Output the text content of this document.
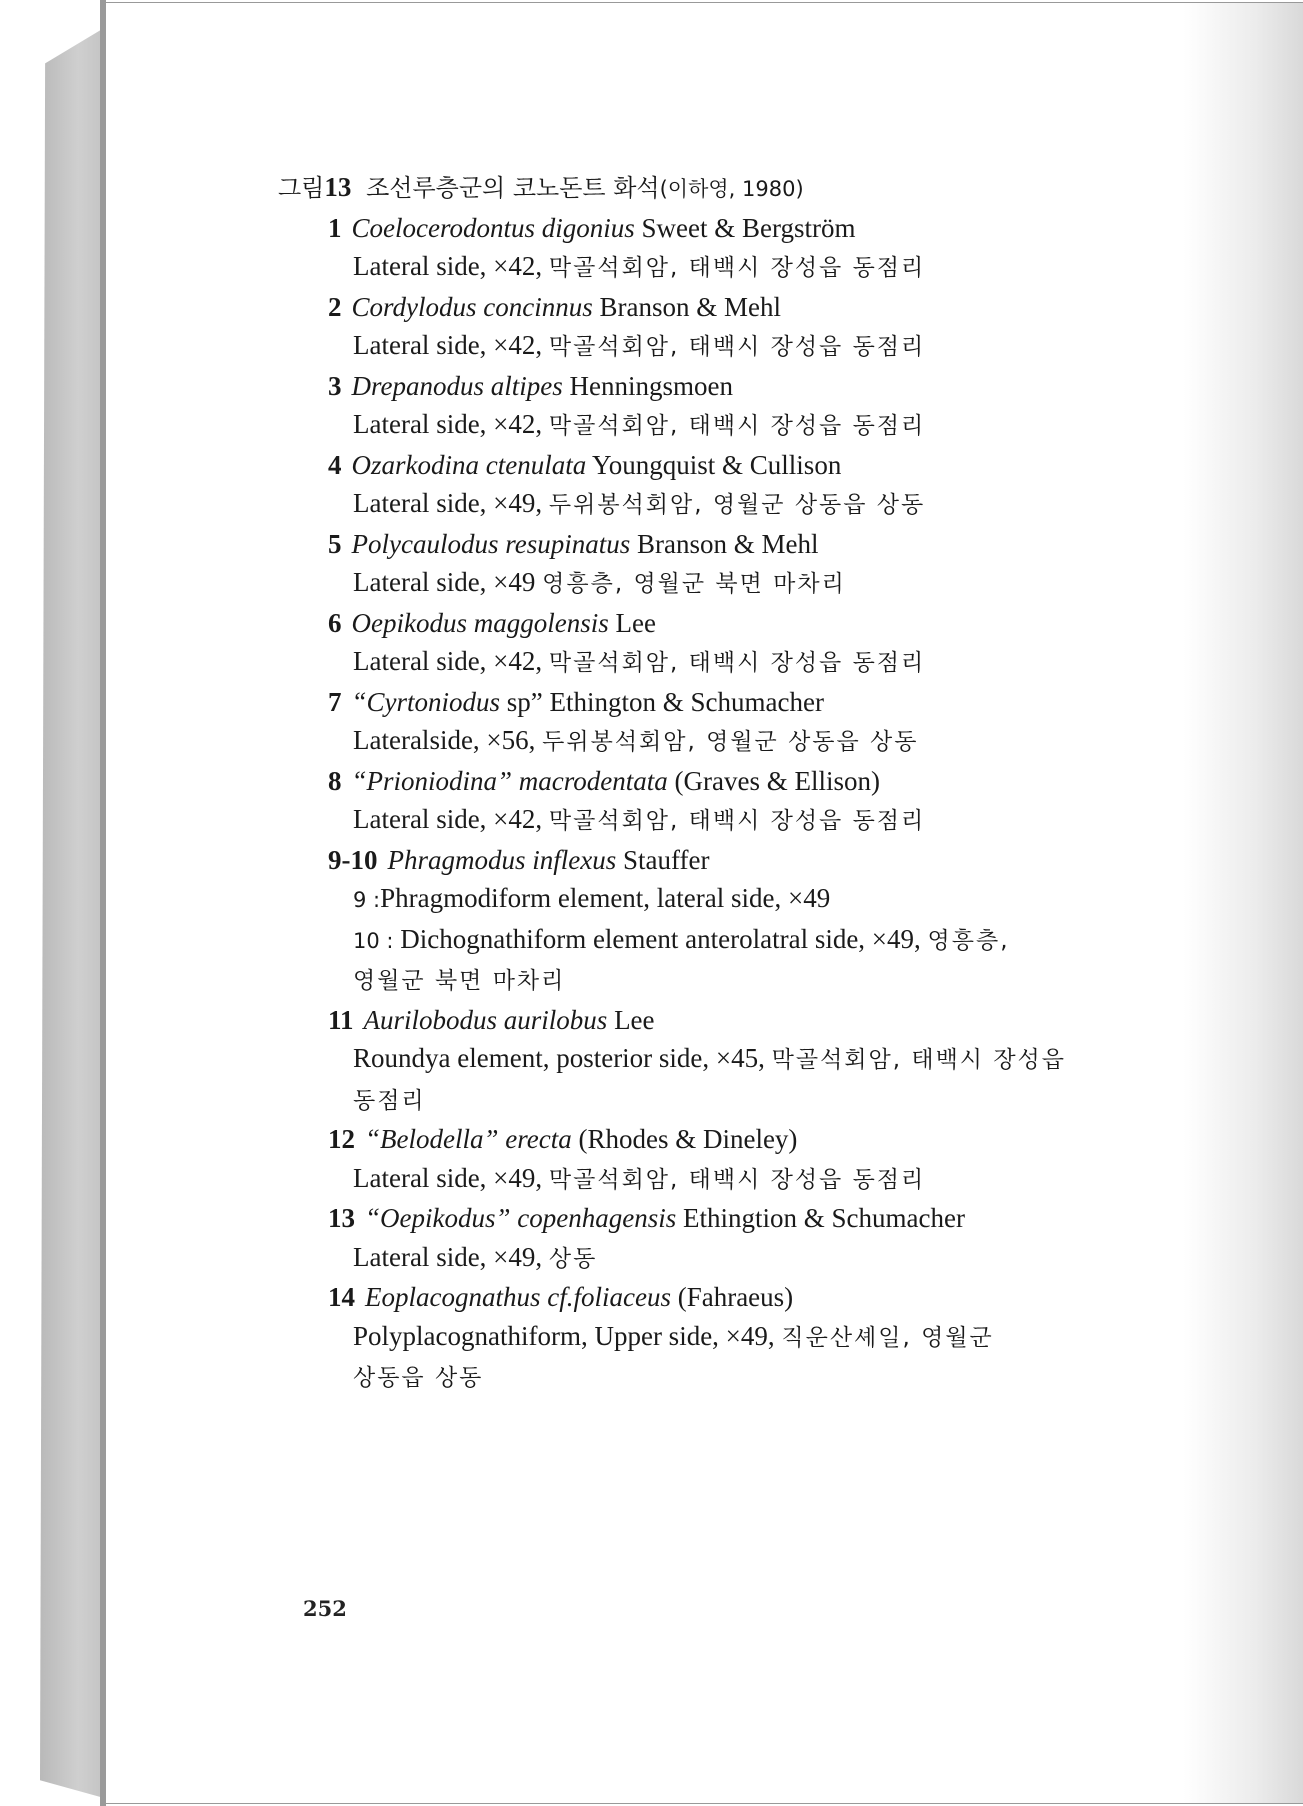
그림13 조선루층군의 코노돈트 화석(이하영, 1980)
1 Coelocerodontus digonius Sweet & Bergström
Lateral side, ×42, 막골석회암, 태백시 장성읍 동점리
2 Cordylodus concinnus Branson & Mehl
Lateral side, ×42, 막골석회암, 태백시 장성읍 동점리
3 Drepanodus altipes Henningsmoen
Lateral side, ×42, 막골석회암, 태백시 장성읍 동점리
4 Ozarkodina ctenulata Youngquist & Cullison
Lateral side, ×49, 두위봉석회암, 영월군 상동읍 상동
5 Polycaulodus resupinatus Branson & Mehl
Lateral side, ×49 영흥층, 영월군 북면 마차리
6 Oepikodus maggolensis Lee
Lateral side, ×42, 막골석회암, 태백시 장성읍 동점리
7 “Cyrtoniodus sp” Ethington & Schumacher
Lateralside, ×56, 두위봉석회암, 영월군 상동읍 상동
8 “Prioniodina” macrodentata (Graves & Ellison)
Lateral side, ×42, 막골석회암, 태백시 장성읍 동점리
9-10 Phragmodus inflexus Stauffer
9 :Phragmodiform element, lateral side, ×49
10 : Dichognathiform element anterolatral side, ×49, 영흥층,
영월군 북면 마차리
11 Aurilobodus aurilobus Lee
Roundya element, posterior side, ×45, 막골석회암, 태백시 장성읍
동점리
12 “Belodella” erecta (Rhodes & Dineley)
Lateral side, ×49, 막골석회암, 태백시 장성읍 동점리
13 “Oepikodus” copenhagensis Ethingtion & Schumacher
Lateral side, ×49, 상동
14 Eoplacognathus cf.foliaceus (Fahraeus)
Polyplacognathiform, Upper side, ×49, 직운산셰일, 영월군
상동읍 상동
252
